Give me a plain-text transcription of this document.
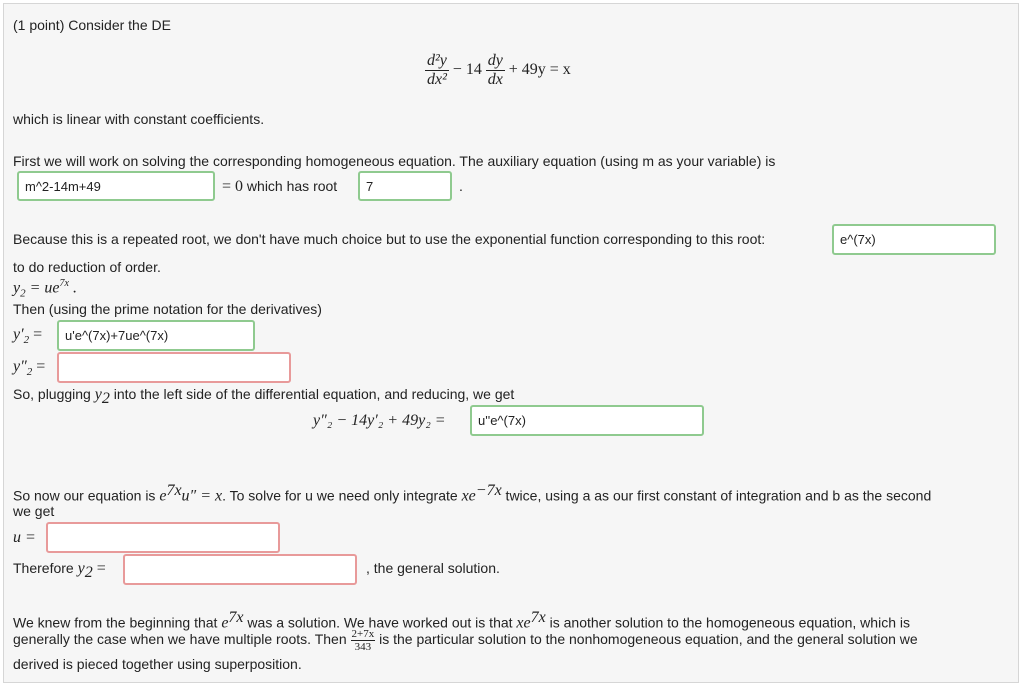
(1 point) Consider the DE
$\frac{\text{d²y}}{\text{dx²}} - 14 \frac{dy}{dx} + 49y = x$
which is linear with constant coefficients.
First we will work on solving the corresponding homogeneous equation. The auxiliary equation (using m as your variable) is
m^2-14m+49	= 0 which has root	7	.
Because this is a repeated root, we don't have much choice but to use the exponential function corresponding to this root:	e^(7x)
to do reduction of order.
$y_2 = ue^{7x}$ .
Then (using the prime notation for the derivatives)
$y'_2$ =	u'e^(7x)+7ue^(7x)
$y''_2$ =
So, plugging $y_2$ into the left side of the differential equation, and reducing, we get
y″₂ − 14y′₂ + 49y₂ =	u''e^(7x)
So now our equation is $e^{7x}u'' = x$. To solve for u we need only integrate $xe^{-7x}$ twice, using a as our first constant of integration and b as the second
we get
u =
Therefore $y_2$ =	, the general solution.
We knew from the beginning that $e^{7x}$ was a solution. We have worked out is that $xe^{7x}$ is another solution to the homogeneous equation, which is
generally the case when we have multiple roots. Then $\frac{2+7x}{343}$ is the particular solution to the nonhomogeneous equation, and the general solution we
derived is pieced together using superposition.
